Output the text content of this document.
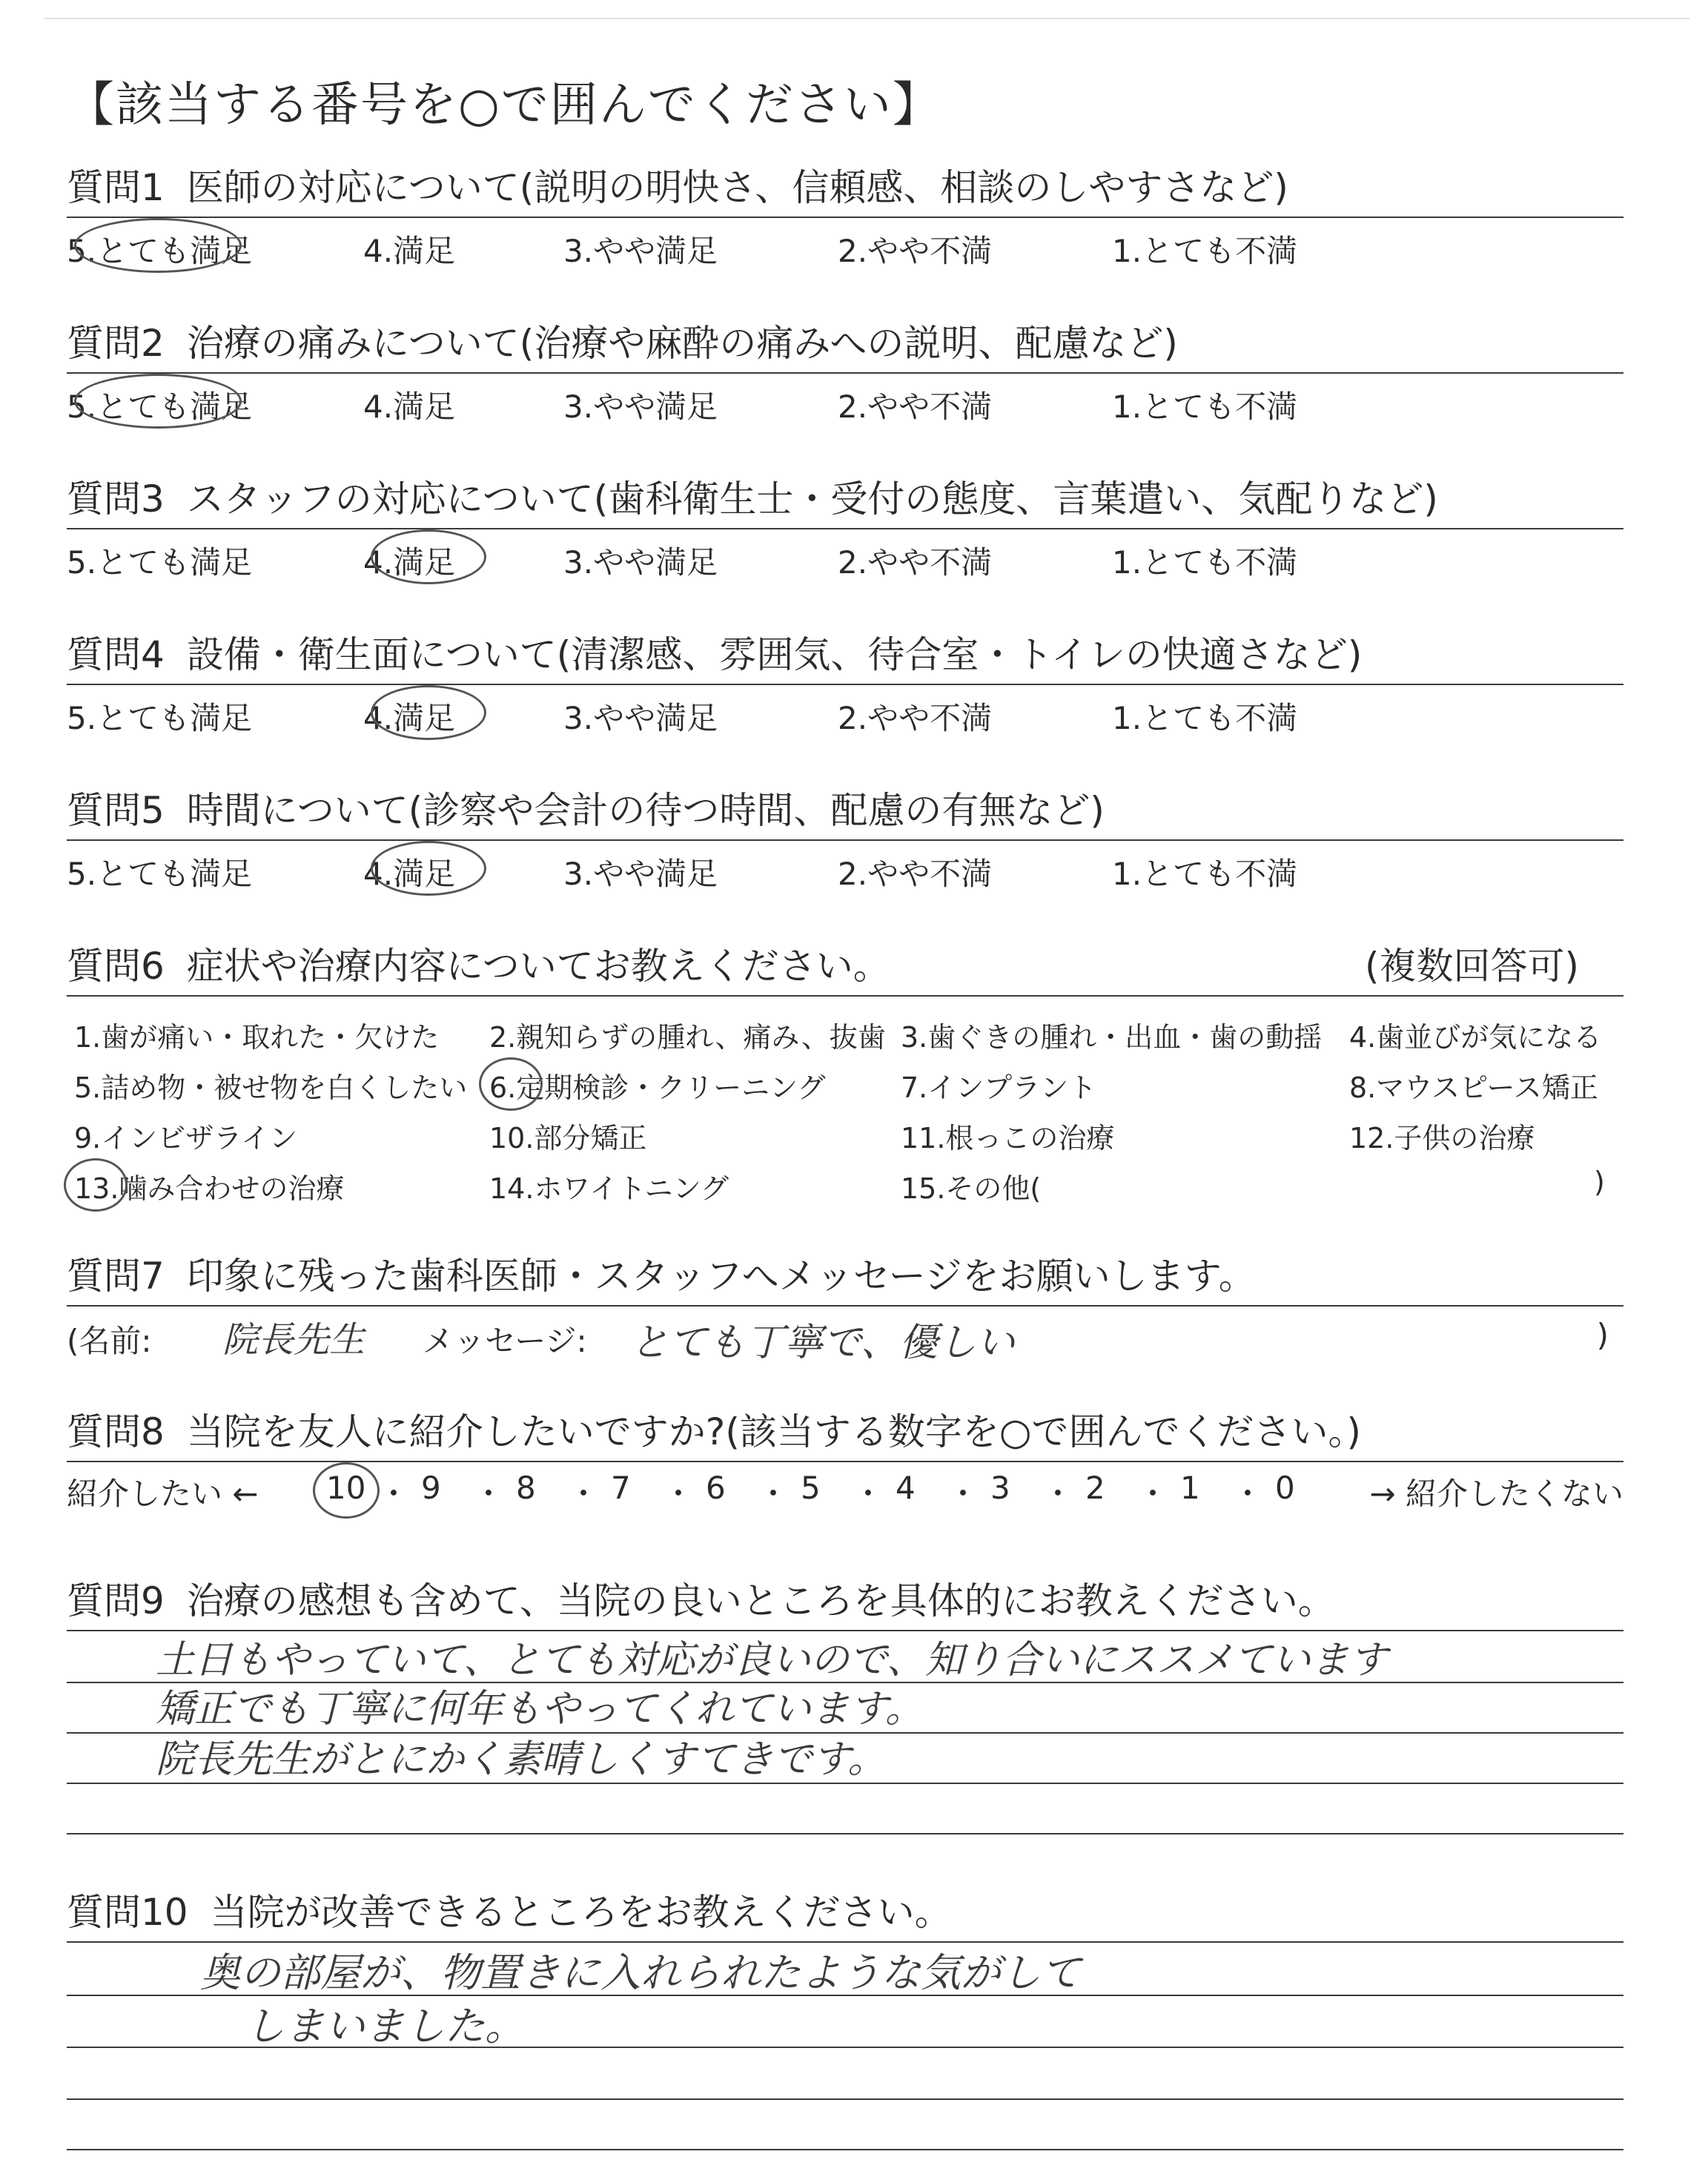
【該当する番号を○で囲んでください】
質問1 医師の対応について(説明の明快さ、信頼感、相談のしやすさなど)
5.とても満足	4.満足	3.やや満足	2.やや不満	1.とても不満
質問2 治療の痛みについて(治療や麻酔の痛みへの説明、配慮など)
5.とても満足	4.満足	3.やや満足	2.やや不満	1.とても不満
質問3 スタッフの対応について(歯科衛生士・受付の態度、言葉遣い、気配りなど)
5.とても満足	4.満足	3.やや満足	2.やや不満	1.とても不満
質問4 設備・衛生面について(清潔感、雰囲気、待合室・トイレの快適さなど)
5.とても満足	4.満足	3.やや満足	2.やや不満	1.とても不満
質問5 時間について(診察や会計の待つ時間、配慮の有無など)
5.とても満足	4.満足	3.やや満足	2.やや不満	1.とても不満
質問6 症状や治療内容についてお教えください。	(複数回答可)
1.歯が痛い・取れた・欠けた 2.親知らずの腫れ、痛み、抜歯 3.歯ぐきの腫れ・出血・歯の動揺 4.歯並びが気になる
5.詰め物・被せ物を白くしたい 6.定期検診・クリーニング	7.インプラント	8.マウスピース矯正
9.インビザライン	10.部分矯正	11.根っこの治療	12.子供の治療
13.噛み合わせの治療	14.ホワイトニング	15.その他(	)
質問7 印象に残った歯科医師・スタッフへメッセージをお願いします。
(名前: 院長先生 メッセージ: とても丁寧で、優しい	)
質問8 当院を友人に紹介したいですか?(該当する数字を○で囲んでください。)
紹介したい ←	→ 紹介したくない
10 ・ 9 ・ 8 ・ 7 ・ 6 ・ 5 ・ 4 ・ 3 ・ 2 ・ 1 ・ 0
質問9 治療の感想も含めて、当院の良いところを具体的にお教えください。
土日もやっていて、とても対応が良いので、知り合いにススメています
矯正でも丁寧に何年もやってくれています。
院長先生がとにかく素晴しくすてきです。
質問10 当院が改善できるところをお教えください。
奥の部屋が、物置きに入れられたような気がして
しまいました。
